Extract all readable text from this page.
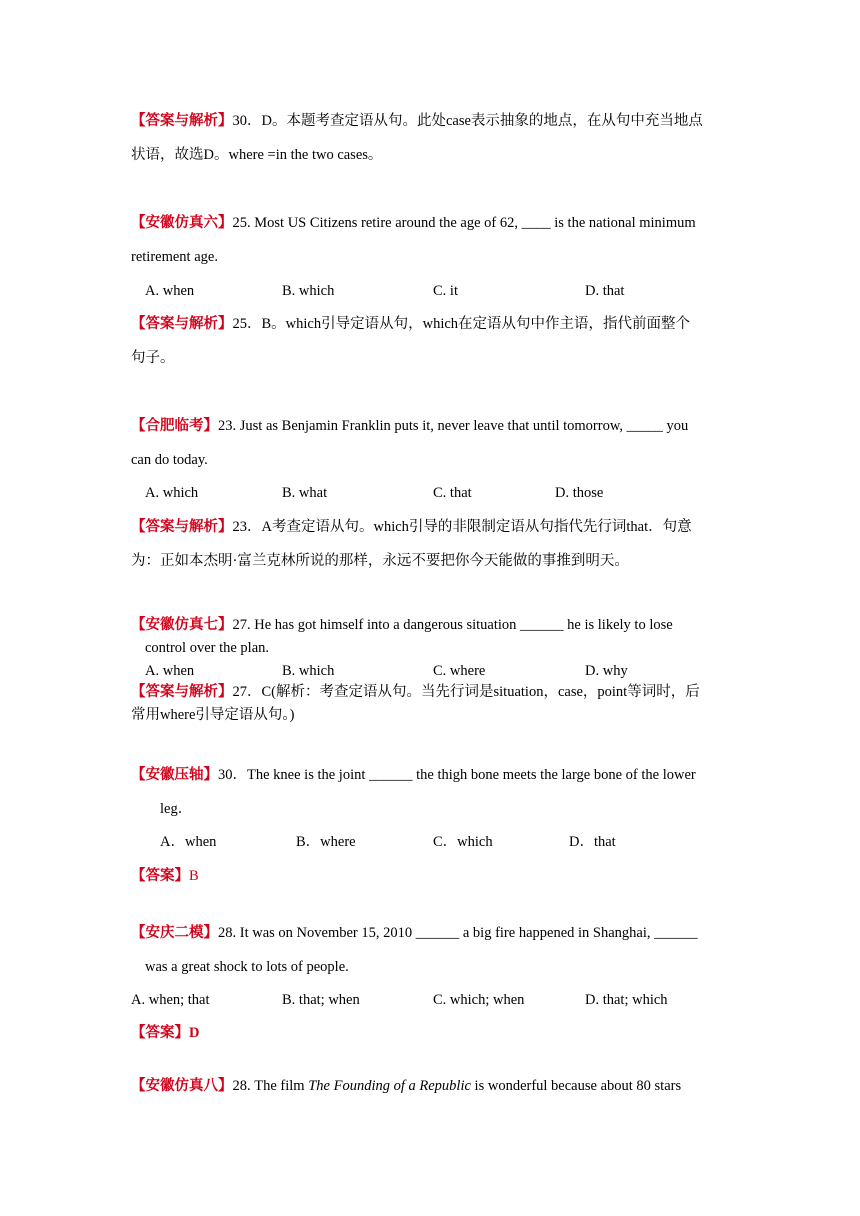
【答案与解析】30．D。本题考查定语从句。此处case表示抽象的地点，在从句中充当地点
状语，故选D。where =in the two cases。
【安徽仿真六】25. Most US Citizens retire around the age of 62, ____ is the national minimum
retirement age.
A. when	B. which	C. it	D. that
【答案与解析】25．B。which引导定语从句，which在定语从句中作主语，指代前面整个
句子。
【合肥临考】23. Just as Benjamin Franklin puts it, never leave that until tomorrow, _____ you
can do today.
A. which	B. what	C. that	D. those
【答案与解析】23．A考查定语从句。which引导的非限制定语从句指代先行词that．句意
为：正如本杰明·富兰克林所说的那样，永远不要把你今天能做的事推到明天。
【安徽仿真七】27. He has got himself into a dangerous situation ______ he is likely to lose
control over the plan.
A. when	B. which	C. where	D. why
【答案与解析】27．C(解析：考查定语从句。当先行词是situation，case，point等词时，后
常用where引导定语从句。)
【安徽压轴】30．The knee is the joint ______ the thigh bone meets the large bone of the lower
leg．
A．when	B．where	C．which	D．that
【答案】B
【安庆二模】28. It was on November 15, 2010 ______ a big fire happened in Shanghai, ______
was a great shock to lots of people.
A. when; that	B. that; when	C. which; when	D. that; which
【答案】D
【安徽仿真八】28. The film The Founding of a Republic is wonderful because about 80 stars
